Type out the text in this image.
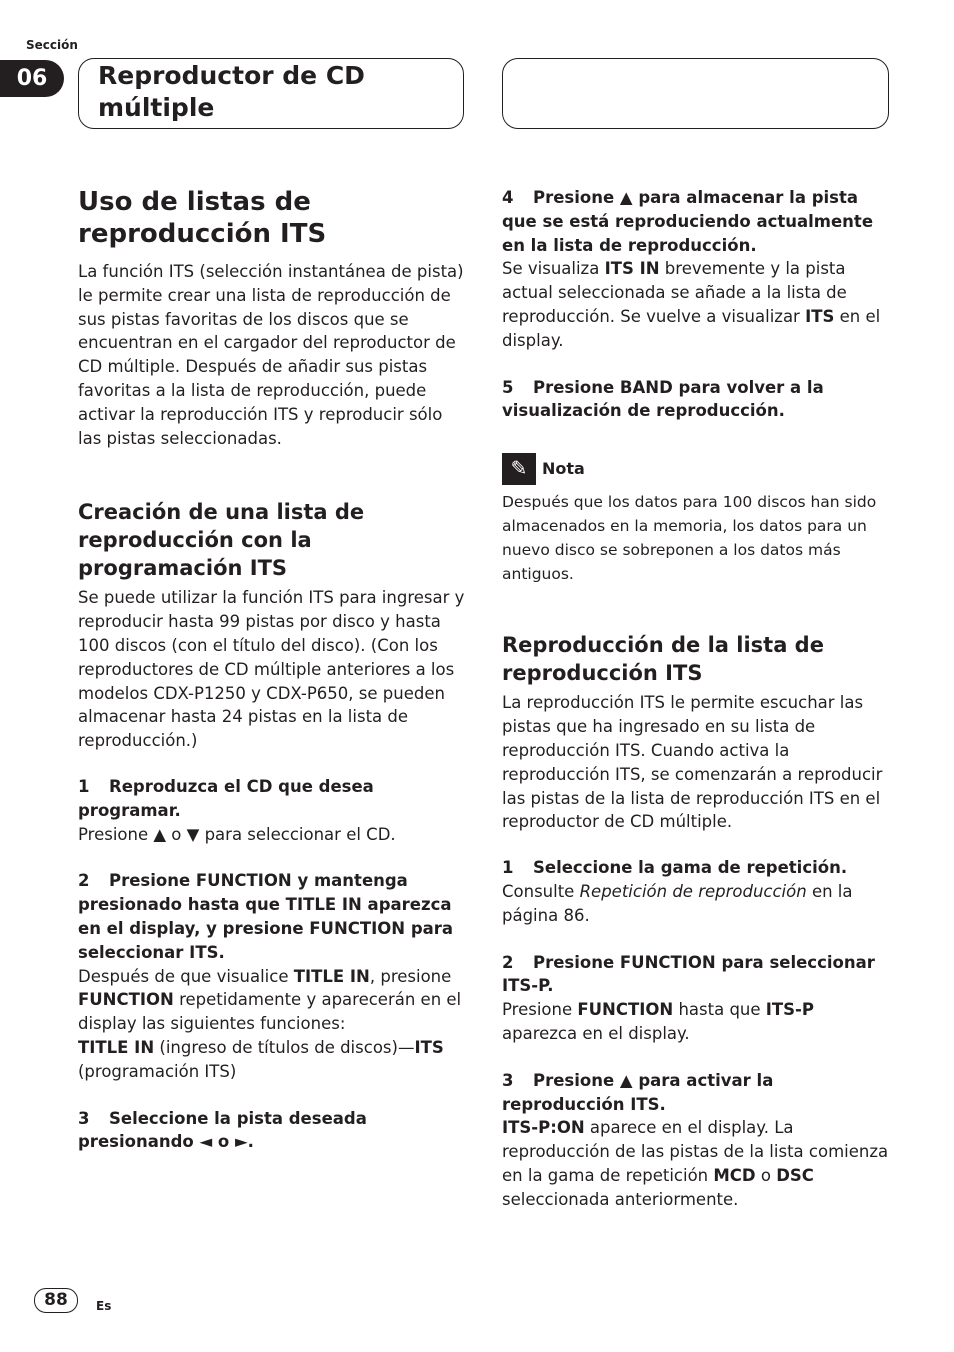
Sección
06	Reproductor de CD múltiple
Uso de listas de reproducción ITS

La función ITS (selección instantánea de pista) le permite crear una lista de reproducción de sus pistas favoritas de los discos que se encuentran en el cargador del reproductor de CD múltiple. Después de añadir sus pistas favoritas a la lista de reproducción, puede activar la reproducción ITS y reproducir sólo las pistas seleccionadas.

Creación de una lista de reproducción con la programación ITS

Se puede utilizar la función ITS para ingresar y reproducir hasta 99 pistas por disco y hasta 100 discos (con el título del disco). (Con los reproductores de CD múltiple anteriores a los modelos CDX-P1250 y CDX-P650, se pueden almacenar hasta 24 pistas en la lista de reproducción.)

1 Reproduzca el CD que desea programar.

Presione ▲ o ▼ para seleccionar el CD.

2 Presione FUNCTION y mantenga presionado hasta que TITLE IN aparezca en el display, y presione FUNCTION para seleccionar ITS.

Después de que visualice TITLE IN, presione FUNCTION repetidamente y aparecerán en el display las siguientes funciones:

TITLE IN (ingreso de títulos de discos)—ITS (programación ITS)

3 Seleccione la pista deseada presionando ◄ o ►.

4 Presione ▲ para almacenar la pista que se está reproduciendo actualmente en la lista de reproducción.

Se visualiza ITS IN brevemente y la pista actual seleccionada se añade a la lista de reproducción. Se vuelve a visualizar ITS en el display.

5 Presione BAND para volver a la visualización de reproducción.

✎ Nota

Después que los datos para 100 discos han sido almacenados en la memoria, los datos para un nuevo disco se sobreponen a los datos más antiguos.

Reproducción de la lista de reproducción ITS

La reproducción ITS le permite escuchar las pistas que ha ingresado en su lista de reproducción ITS. Cuando activa la reproducción ITS, se comenzarán a reproducir las pistas de la lista de reproducción ITS en el reproductor de CD múltiple.

1 Seleccione la gama de repetición.

Consulte Repetición de reproducción en la página 86.

2 Presione FUNCTION para seleccionar ITS-P.

Presione FUNCTION hasta que ITS-P aparezca en el display.

3 Presione ▲ para activar la reproducción ITS.

ITS-P:ON aparece en el display. La reproducción de las pistas de la lista comienza en la gama de repetición MCD o DSC seleccionada anteriormente.

88	Es
